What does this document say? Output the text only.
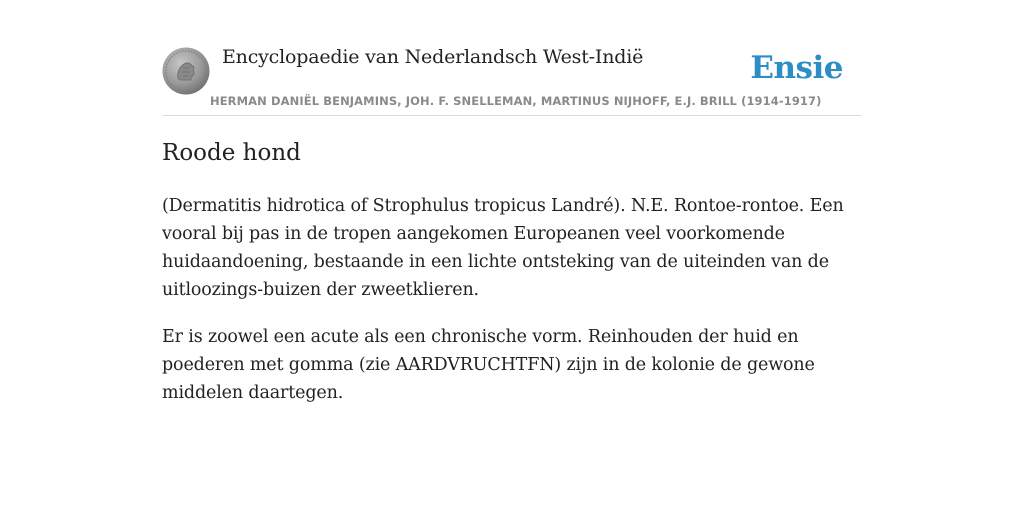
Encyclopaedie van Nederlandsch West-Indië	Ensie
HERMAN DANIËL BENJAMINS, JOH. F. SNELLEMAN, MARTINUS NIJHOFF, E.J. BRILL (1914-1917)
Roode hond

(Dermatitis hidrotica of Strophulus tropicus Landré). N.E. Rontoe-rontoe. Een vooral bij pas in de tropen aangekomen Europeanen veel voorkomende huidaandoening, bestaande in een lichte ontsteking van de uiteinden van de uitloozings-buizen der zweetklieren.

Er is zoowel een acute als een chronische vorm. Reinhouden der huid en poederen met gomma (zie AARDVRUCHTFN) zijn in de kolonie de gewone middelen daartegen.
